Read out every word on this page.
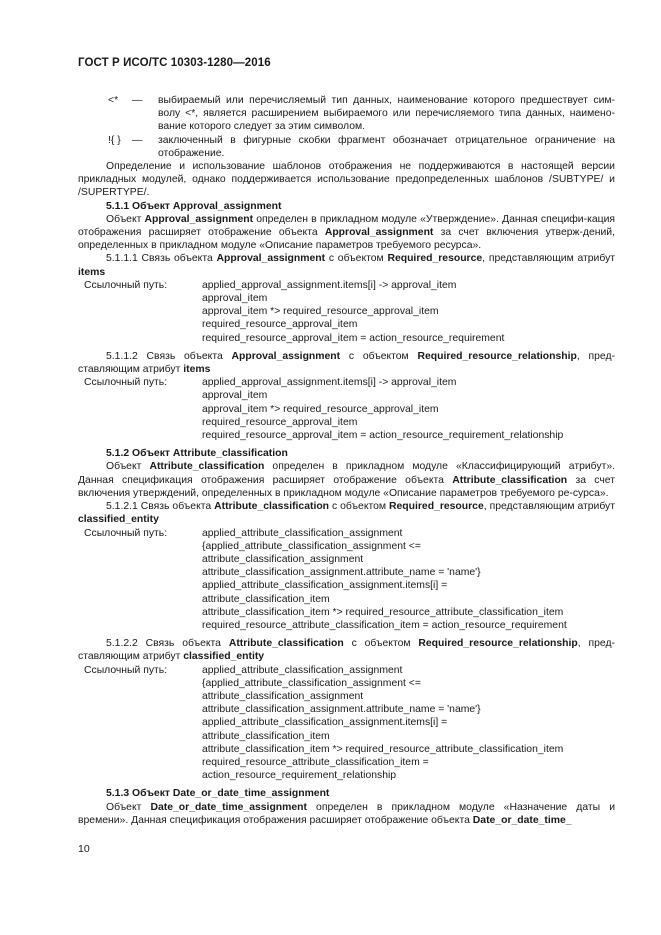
ГОСТ Р ИСО/ТС 10303-1280—2016
<*	—	выбираемый или перечисляемый тип данных, наименование которого предшествует сим-волу <*, является расширением выбираемого или перечисляемого типа данных, наимено-вание которого следует за этим символом.
!{ }	—	заключенный в фигурные скобки фрагмент обозначает отрицательное ограничение на отображение.

Определение и использование шаблонов отображения не поддерживаются в настоящей версии прикладных модулей, однако поддерживается использование предопределенных шаблонов /SUBTYPE/ и /SUPERTYPE/.

5.1.1 Объект Approval_assignment

Объект Approval_assignment определен в прикладном модуле «Утверждение». Данная специфи-кация отображения расширяет отображение объекта Approval_assignment за счет включения утверж-дений, определенных в прикладном модуле «Описание параметров требуемого ресурса».

5.1.1.1 Связь объекта Approval_assignment с объектом Required_resource, представляющим атрибут items

Ссылочный путь:	applied_approval_assignment.items[i] -> approval_item
approval_item
approval_item *> required_resource_approval_item
required_resource_approval_item
required_resource_approval_item = action_resource_requirement

5.1.1.2 Связь объекта Approval_assignment с объектом Required_resource_relationship, пред-ставляющим атрибут items

Ссылочный путь:	applied_approval_assignment.items[i] -> approval_item
approval_item
approval_item *> required_resource_approval_item
required_resource_approval_item
required_resource_approval_item = action_resource_requirement_relationship

5.1.2 Объект Attribute_classification

Объект Attribute_classification определен в прикладном модуле «Классифицирующий атрибут». Данная спецификация отображения расширяет отображение объекта Attribute_classification за счет включения утверждений, определенных в прикладном модуле «Описание параметров требуемого ре-сурса».

5.1.2.1 Связь объекта Attribute_classification с объектом Required_resource, представляющим атрибут classified_entity

Ссылочный путь:	applied_attribute_classification_assignment
{applied_attribute_classification_assignment <=
attribute_classification_assignment
attribute_classification_assignment.attribute_name = 'name'}
applied_attribute_classification_assignment.items[i] =
attribute_classification_item
attribute_classification_item *> required_resource_attribute_classification_item
required_resource_attribute_classification_item = action_resource_requirement

5.1.2.2 Связь объекта Attribute_classification с объектом Required_resource_relationship, пред-ставляющим атрибут classified_entity

Ссылочный путь:	applied_attribute_classification_assignment
{applied_attribute_classification_assignment <=
attribute_classification_assignment
attribute_classification_assignment.attribute_name = 'name'}
applied_attribute_classification_assignment.items[i] =
attribute_classification_item
attribute_classification_item *> required_resource_attribute_classification_item
required_resource_attribute_classification_item =
action_resource_requirement_relationship

5.1.3 Объект Date_or_date_time_assignment

Объект Date_or_date_time_assignment определен в прикладном модуле «Назначение даты и времени». Данная спецификация отображения расширяет отображение объекта Date_or_date_time_

10
